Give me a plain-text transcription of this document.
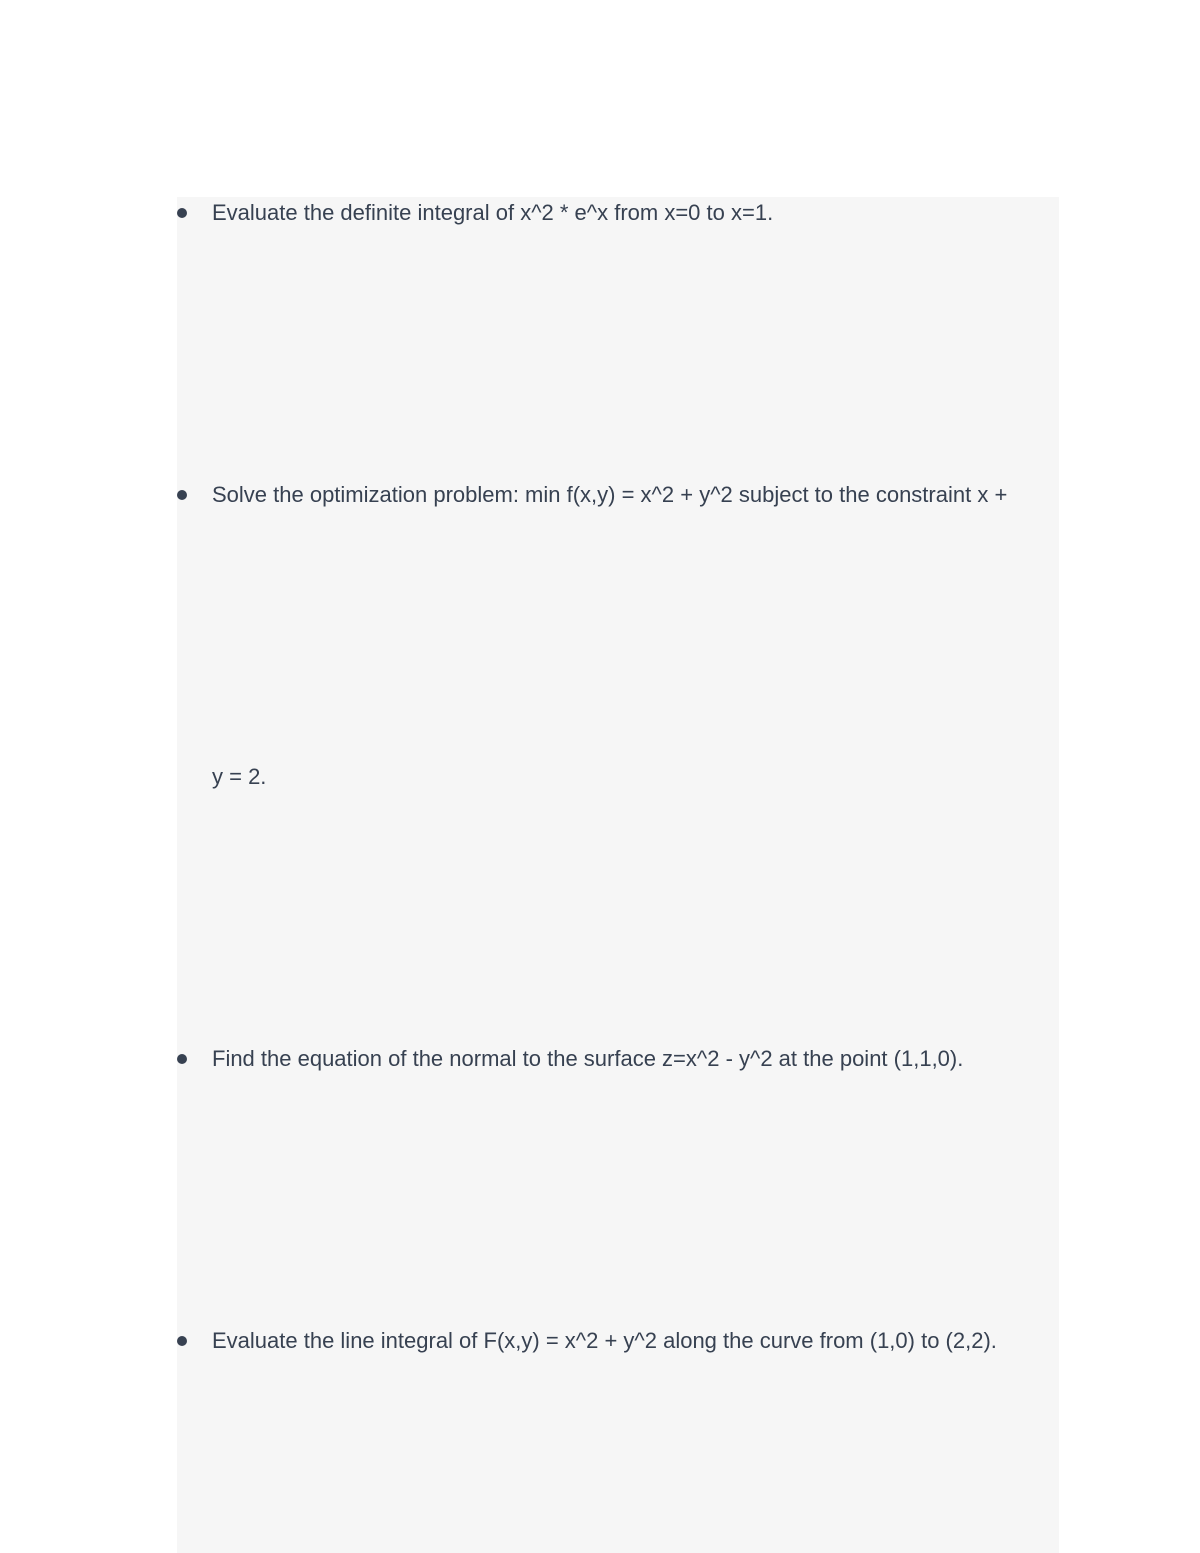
Evaluate the definite integral of x^2 * e^x from x=0 to x=1.
Solve the optimization problem: min f(x,y) = x^2 + y^2 subject to the constraint x +
y = 2.
Find the equation of the normal to the surface z=x^2 - y^2 at the point (1,1,0).
Evaluate the line integral of F(x,y) = x^2 + y^2 along the curve from (1,0) to (2,2).
